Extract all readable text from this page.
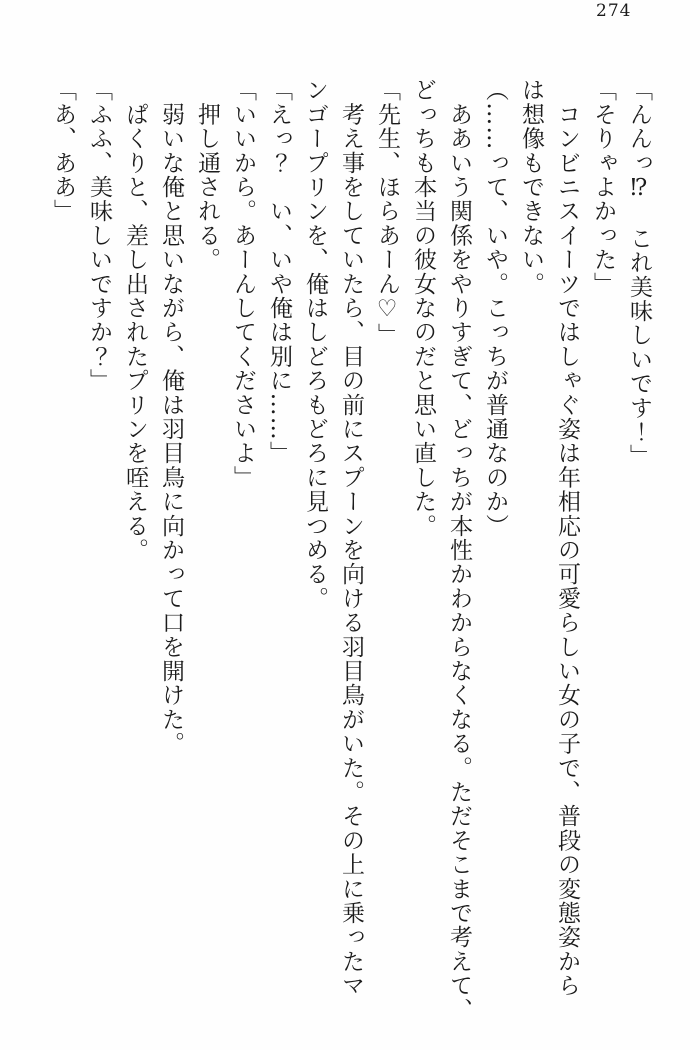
274
「んんっ⁉　これ美味しいです！」
「そりゃよかった」
　コンビニスイーツではしゃぐ姿は年相応の可愛らしい女の子で、普段の変態姿から
は想像もできない。
（……って、いや。こっちが普通なのか）
　ああいう関係をやりすぎて、どっちが本性かわからなくなる。ただそこまで考えて、
どっちも本当の彼女なのだと思い直した。
「先生、ほらあーん♡」
　考え事をしていたら、目の前にスプーンを向ける羽目鳥がいた。その上に乗ったマ
ンゴープリンを、俺はしどろもどろに見つめる。
「えっ？　い、いや俺は別に……」
「いいから。あーんしてくださいよ」
　押し通される。
　弱いな俺と思いながら、俺は羽目鳥に向かって口を開けた。
　ぱくりと、差し出されたプリンを咥える。
「ふふ、美味しいですか？」
「あ、ああ」
